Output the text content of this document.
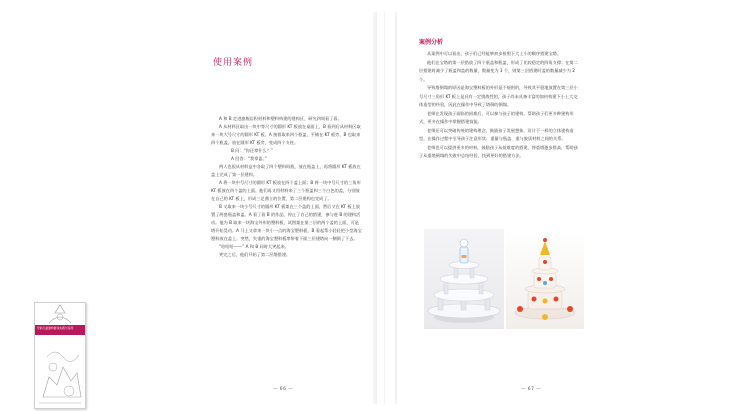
使用案例

A 和 B 走进旗舰店积材料和塑料构建的建构区，研究四周看了看。

A 从材料区取出一块中等尺寸的圆形 KT 板放在桌面上，B 看到后从材料区取来一块大号尺寸的圆形 KT 板。A 接着取来四个瓶盖，平铺在 KT 板旁，B 也取来四个瓶盖，放在圆形 KT 板旁，变成四个支柱。

B 问：“你还拿什么？”

A 回答：“我拿盖。”

两人也很从材料盒中各取了四个塑料吗瓶，放在瓶盖上，再将圆形 KT 板放在盖上完成了第一层建构。

A 将一块中号尺寸的圆形 KT 板放在四个盖上面；B 将一块中号尺寸的三角形 KT 板放在四个盖的上面。他们再又用材料来了三个瓶盖和三个白色的盖，分别放在自己的 KT 板上，形成三足鼎立的位置，第二层建构也完成了。

B 又取来一块小号尺寸的圆形 KT 板架在三个盖的上面，然后又在 KT 板上放置了两套瓶盖和盖。A 看了看 B 的作品，停止了自己的搭建，参与进 B 的建构活动。他为 B 取来一块海宝外形的塑料板，试图架在第三层的两个盖的上面，可是塔开始晃动。A 马上又拿来一块小一点的海宝塑料板，B 看起帮小轻轻把小型海宝塑料放在盖上。突然，失重的海宝塑料板串带着下面三层建塔向一侧倒了下去。

“哈哈哈——” A 和 B 同时大笑起来。

笑完之后，他们开始了第二层塔搭建。

— 66 —
案例分析

从案例中可以看出，孩子们已经能够初步按照下大上小的顺序搭建宝塔。

他们在宝塔的第一层搭放了四个瓶盖和瓶盖，形成了比较稳定的四角支撑；在第二层搭建时减少了瓶盖和盖的数量，数量变为 3 个，则第三层搭建时盖的数量减少为 2 个。

导致塔倒塌的原因是海宝塑料板的外形是不规则的，导致其平稳地放置在第三层小号尺寸三角形 KT 板上是具有一定挑战性的，孩子尚未具备丰富的如何构建下小上大交体造型的经验，因此在操作中导致了塔倒的倒塌。

老师在发现孩子面临的困难后，可以参与孩子的建构，帮助孩子们更多种建构形式，更多在操作中掌握搭建技能。

老师还可以突破传统的建构理念，鼓励孩子发展想象，设计不一样的立体建构造型，在操作过程中引导孩子注意形状、重量与瓶盖、重与胶质材料之间的关系。

老师也可以提供更多的材料，鼓励孩子从低难度的搭建，将重塔逐步搭高，帮助孩子从重塔倒塌的失败中总结经验，找到更好的搭建方法。

— 67 —
学前儿童建构游戏实践与指导
